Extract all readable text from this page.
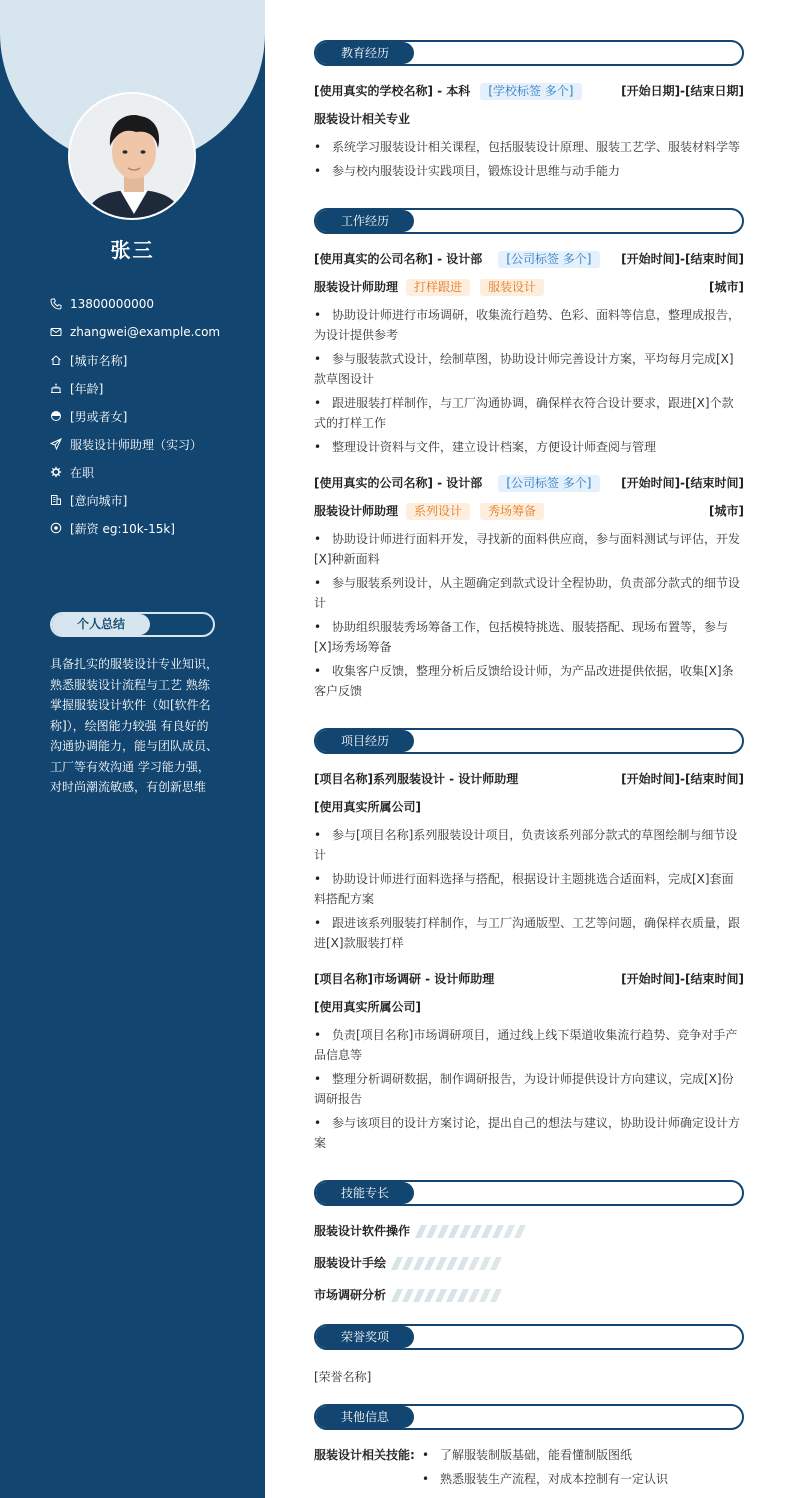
张三
13800000000
zhangwei@example.com
[城市名称]
[年龄]
[男或者女]
服装设计师助理（实习）
在职
[意向城市]
[薪资 eg:10k-15k]
个人总结
具备扎实的服装设计专业知识，熟悉服装设计流程与工艺 熟练掌握服装设计软件（如[软件名称]），绘图能力较强 有良好的沟通协调能力，能与团队成员、工厂等有效沟通 学习能力强，对时尚潮流敏感，有创新思维
教育经历
[使用真实的学校名称] - 本科 [学校标签 多个]	[开始日期]-[结束日期]
服装设计相关专业
• 系统学习服装设计相关课程，包括服装设计原理、服装工艺学、服装材料学等
• 参与校内服装设计实践项目，锻炼设计思维与动手能力
工作经历
[使用真实的公司名称] - 设计部 [公司标签 多个] [开始时间]-[结束时间]
服装设计师助理 打样跟进 服装设计	[城市]
• 协助设计师进行市场调研，收集流行趋势、色彩、面料等信息，整理成报告，为设计提供参考
• 参与服装款式设计，绘制草图，协助设计师完善设计方案，平均每月完成[X]款草图设计
• 跟进服装打样制作，与工厂沟通协调，确保样衣符合设计要求，跟进[X]个款式的打样工作
• 整理设计资料与文件，建立设计档案，方便设计师查阅与管理
[使用真实的公司名称] - 设计部 [公司标签 多个] [开始时间]-[结束时间]
服装设计师助理 系列设计 秀场筹备	[城市]
• 协助设计师进行面料开发，寻找新的面料供应商，参与面料测试与评估，开发[X]种新面料
• 参与服装系列设计，从主题确定到款式设计全程协助，负责部分款式的细节设计
• 协助组织服装秀场筹备工作，包括模特挑选、服装搭配、现场布置等，参与[X]场秀场筹备
• 收集客户反馈，整理分析后反馈给设计师，为产品改进提供依据，收集[X]条客户反馈
项目经历
[项目名称]系列服装设计 - 设计师助理	[开始时间]-[结束时间]
[使用真实所属公司]
• 参与[项目名称]系列服装设计项目，负责该系列部分款式的草图绘制与细节设计
• 协助设计师进行面料选择与搭配，根据设计主题挑选合适面料，完成[X]套面料搭配方案
• 跟进该系列服装打样制作，与工厂沟通版型、工艺等问题，确保样衣质量，跟进[X]款服装打样
[项目名称]市场调研 - 设计师助理	[开始时间]-[结束时间]
[使用真实所属公司]
• 负责[项目名称]市场调研项目，通过线上线下渠道收集流行趋势、竞争对手产品信息等
• 整理分析调研数据，制作调研报告，为设计师提供设计方向建议，完成[X]份调研报告
• 参与该项目的设计方案讨论，提出自己的想法与建议，协助设计师确定设计方案
技能专长
服装设计软件操作
服装设计手绘
市场调研分析
荣誉奖项
[荣誉名称]
其他信息
服装设计相关技能:
•	了解服装制版基础，能看懂制版图纸
• 熟悉服装生产流程，对成本控制有一定认识
